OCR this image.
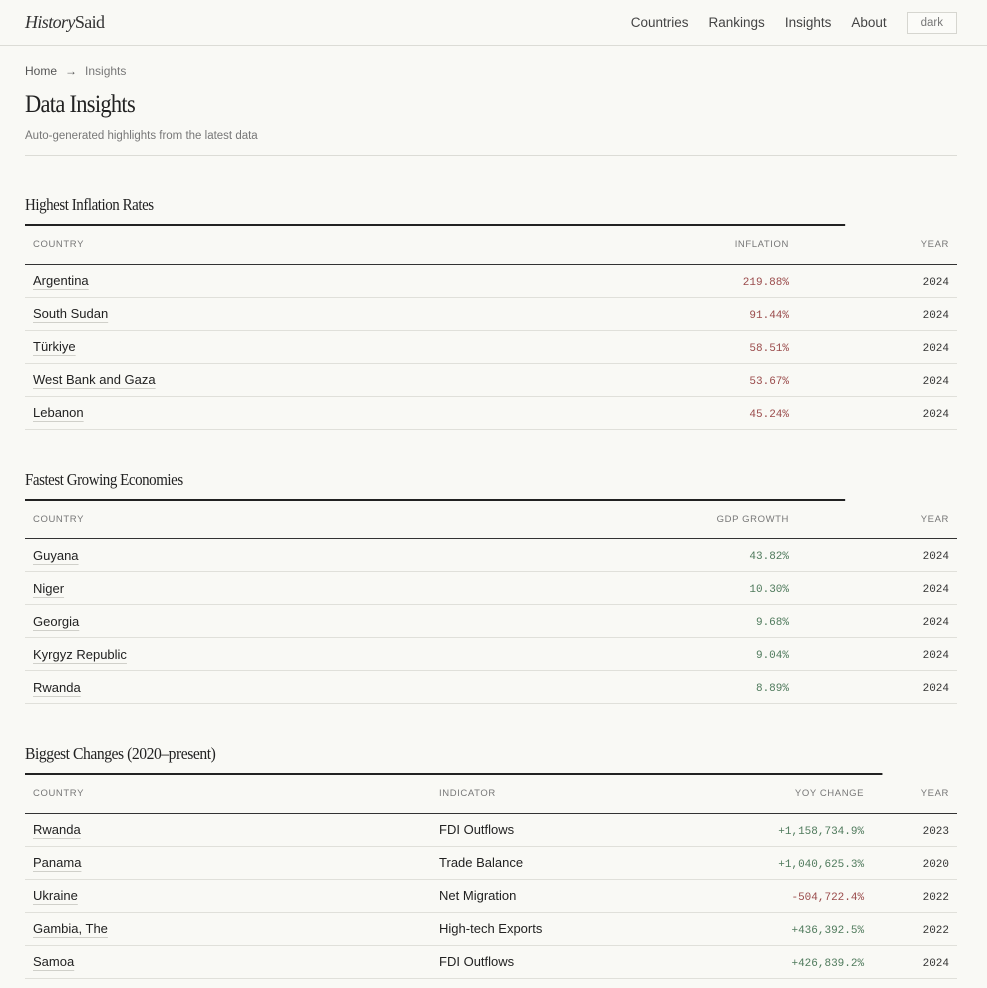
HistorySaid	Countries Rankings Insights About	dark
Home → Insights
Data Insights
Auto-generated highlights from the latest data
Highest Inflation Rates
COUNTRY	INFLATION	YEAR
Argentina	219.88%	2024
South Sudan	91.44%	2024
Türkiye	58.51%	2024
West Bank and Gaza	53.67%	2024
Lebanon	45.24%	2024
Fastest Growing Economies
COUNTRY	GDP GROWTH	YEAR
Guyana	43.82%	2024
Niger	10.30%	2024
Georgia	9.68%	2024
Kyrgyz Republic	9.04%	2024
Rwanda	8.89%	2024
Biggest Changes (2020–present)
COUNTRY	INDICATOR	YOY CHANGE	YEAR
Rwanda	FDI Outflows	+1,158,734.9%	2023
Panama	Trade Balance	+1,040,625.3%	2020
Ukraine	Net Migration	-504,722.4%	2022
Gambia, The	High-tech Exports	+436,392.5%	2022
Samoa	FDI Outflows	+426,839.2%	2024
